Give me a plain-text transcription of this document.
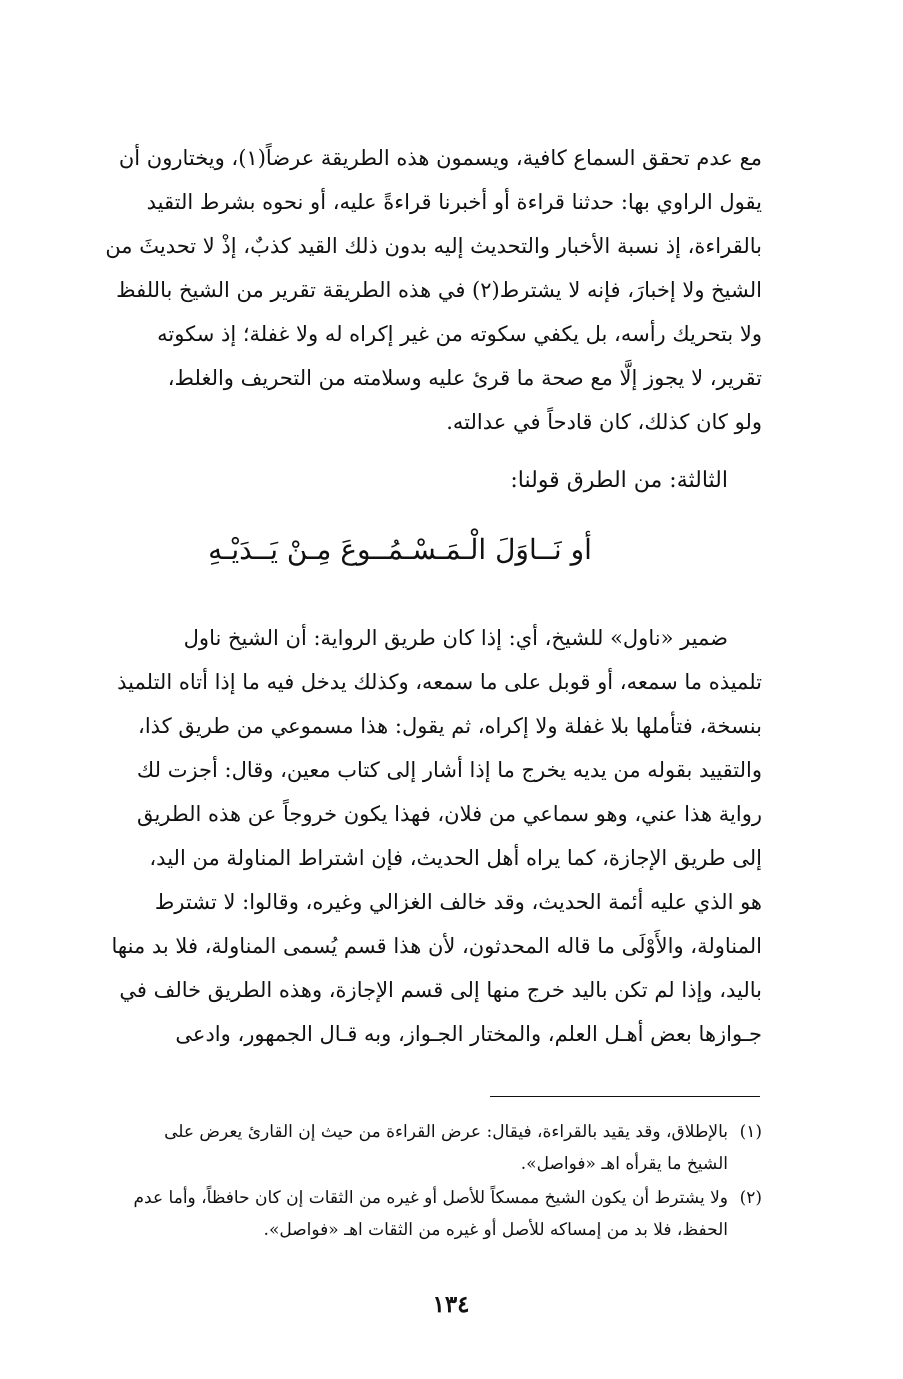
مع عدم تحقق السماع كافية، ويسمون هذه الطريقة عرضاً(١)، ويختارون أن
يقول الراوي بها: حدثنا قراءة أو أخبرنا قراءةً عليه، أو نحوه بشرط التقيد
بالقراءة، إذ نسبة الأخبار والتحديث إليه بدون ذلك القيد كذبٌ، إذْ لا تحديثَ من
الشيخ ولا إخبارَ، فإنه لا يشترط(٢) في هذه الطريقة تقرير من الشيخ باللفظ
ولا بتحريك رأسه، بل يكفي سكوته من غير إكراه له ولا غفلة؛ إذ سكوته
تقرير، لا يجوز إلَّا مع صحة ما قرئ عليه وسلامته من التحريف والغلط،
ولو كان كذلك، كان قادحاً في عدالته.
الثالثة: من الطرق قولنا:
أو نَــاوَلَ الْـمَـسْـمُــوعَ مِـنْ يَــدَيْـهِ
ضمير «ناول» للشيخ، أي: إذا كان طريق الرواية: أن الشيخ ناول
تلميذه ما سمعه، أو قوبل على ما سمعه، وكذلك يدخل فيه ما إذا أتاه التلميذ
بنسخة، فتأملها بلا غفلة ولا إكراه، ثم يقول: هذا مسموعي من طريق كذا،
والتقييد بقوله من يديه يخرج ما إذا أشار إلى كتاب معين، وقال: أجزت لك
رواية هذا عني، وهو سماعي من فلان، فهذا يكون خروجاً عن هذه الطريق
إلى طريق الإجازة، كما يراه أهل الحديث، فإن اشتراط المناولة من اليد،
هو الذي عليه أئمة الحديث، وقد خالف الغزالي وغيره، وقالوا: لا تشترط
المناولة، والأَوْلَى ما قاله المحدثون، لأن هذا قسم يُسمى المناولة، فلا بد منها
باليد، وإذا لم تكن باليد خرج منها إلى قسم الإجازة، وهذه الطريق خالف في
جـوازها بعض أهـل العلم، والمختار الجـواز، وبه قـال الجمهور، وادعى
(١)بالإطلاق، وقد يقيد بالقراءة، فيقال: عرض القراءة من حيث إن القارئ يعرض على
الشيخ ما يقرأه اهـ «فواصل».
(٢)ولا يشترط أن يكون الشيخ ممسكاً للأصل أو غيره من الثقات إن كان حافظاً، وأما عدم
الحفظ، فلا بد من إمساكه للأصل أو غيره من الثقات اهـ «فواصل».
١٣٤
